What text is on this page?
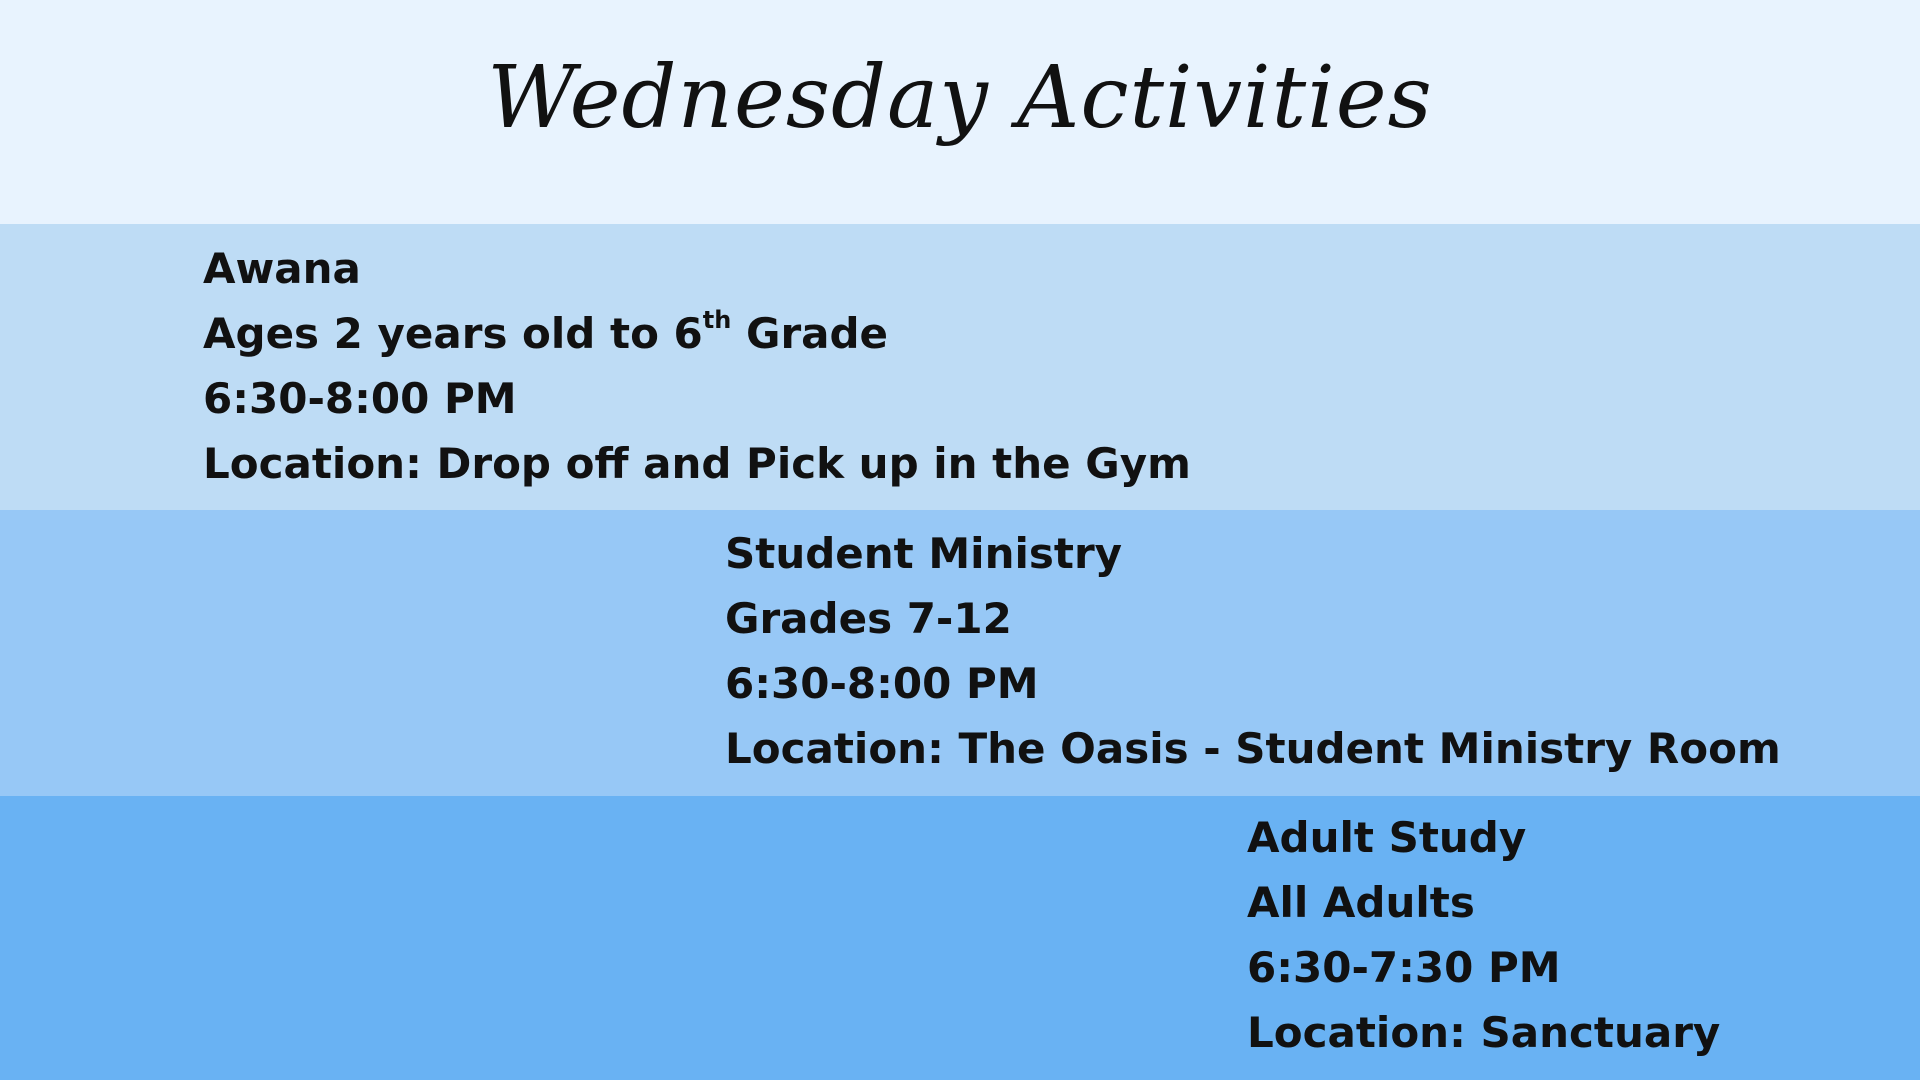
Wednesday Activities
Awana
Ages 2 years old to 6th Grade
6:30-8:00 PM
Location: Drop off and Pick up in the Gym
Student Ministry
Grades 7-12
6:30-8:00 PM
Location: The Oasis - Student Ministry Room
Adult Study
All Adults
6:30-7:30 PM
Location: Sanctuary
